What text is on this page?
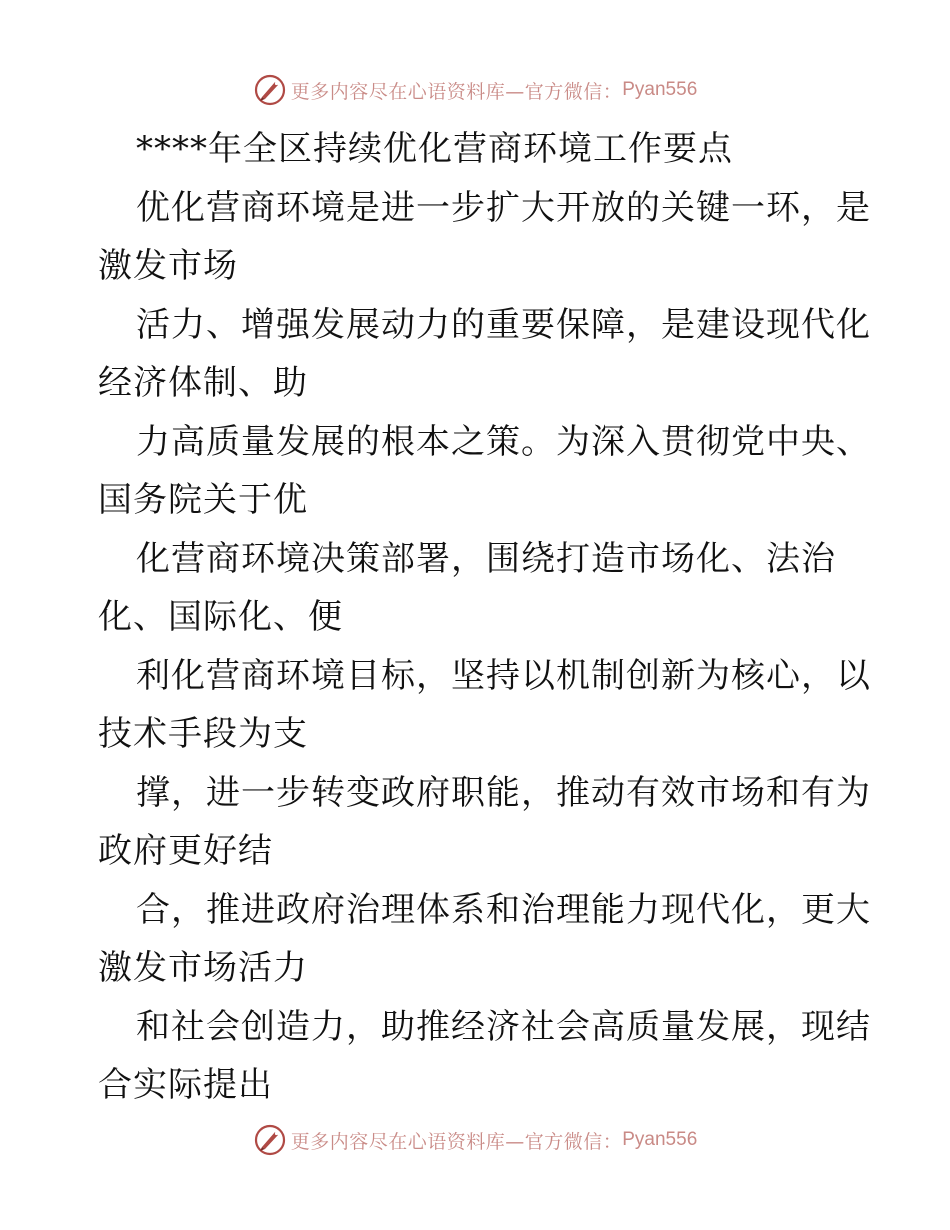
更多内容尽在心语资料库—官方微信： Pyan556
****年全区持续优化营商环境工作要点
优化营商环境是进一步扩大开放的关键一环，是
激发市场
活力、增强发展动力的重要保障，是建设现代化
经济体制、助
力高质量发展的根本之策。为深入贯彻党中央、
国务院关于优
化营商环境决策部署，围绕打造市场化、法治
化、国际化、便
利化营商环境目标，坚持以机制创新为核心，以
技术手段为支
撑，进一步转变政府职能，推动有效市场和有为
政府更好结
合，推进政府治理体系和治理能力现代化，更大
激发市场活力
和社会创造力，助推经济社会高质量发展，现结
合实际提出
更多内容尽在心语资料库—官方微信： Pyan556
